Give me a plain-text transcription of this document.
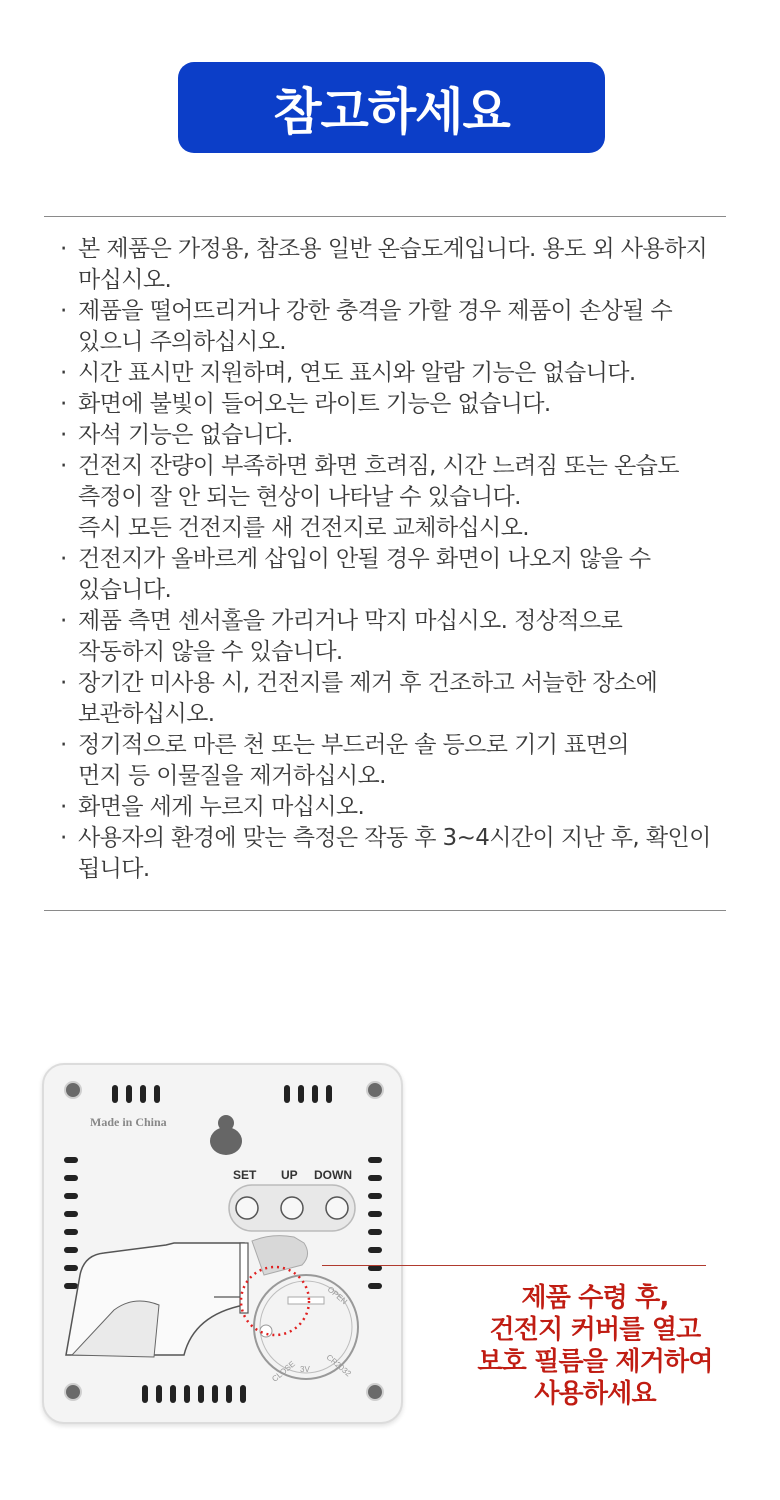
참고하세요
· 본 제품은 가정용, 참조용 일반 온습도계입니다. 용도 외 사용하지
마십시오.
· 제품을 떨어뜨리거나 강한 충격을 가할 경우 제품이 손상될 수
있으니 주의하십시오.
· 시간 표시만 지원하며, 연도 표시와 알람 기능은 없습니다.
· 화면에 불빛이 들어오는 라이트 기능은 없습니다.
· 자석 기능은 없습니다.
· 건전지 잔량이 부족하면 화면 흐려짐, 시간 느려짐 또는 온습도
측정이 잘 안 되는 현상이 나타날 수 있습니다.
즉시 모든 건전지를 새 건전지로 교체하십시오.
· 건전지가 올바르게 삽입이 안될 경우 화면이 나오지 않을 수
있습니다.
· 제품 측면 센서홀을 가리거나 막지 마십시오. 정상적으로
작동하지 않을 수 있습니다.
· 장기간 미사용 시, 건전지를 제거 후 건조하고 서늘한 장소에
보관하십시오.
· 정기적으로 마른 천 또는 부드러운 솔 등으로 기기 표면의
먼지 등 이물질을 제거하십시오.
· 화면을 세게 누르지 마십시오.
· 사용자의 환경에 맞는 측정은 작동 후 3~4시간이 지난 후, 확인이
됩니다.
Made in China
SET UP DOWN
OPEN
CLOSE 3V CR2032
제품 수령 후,
건전지 커버를 열고
보호 필름을 제거하여
사용하세요
